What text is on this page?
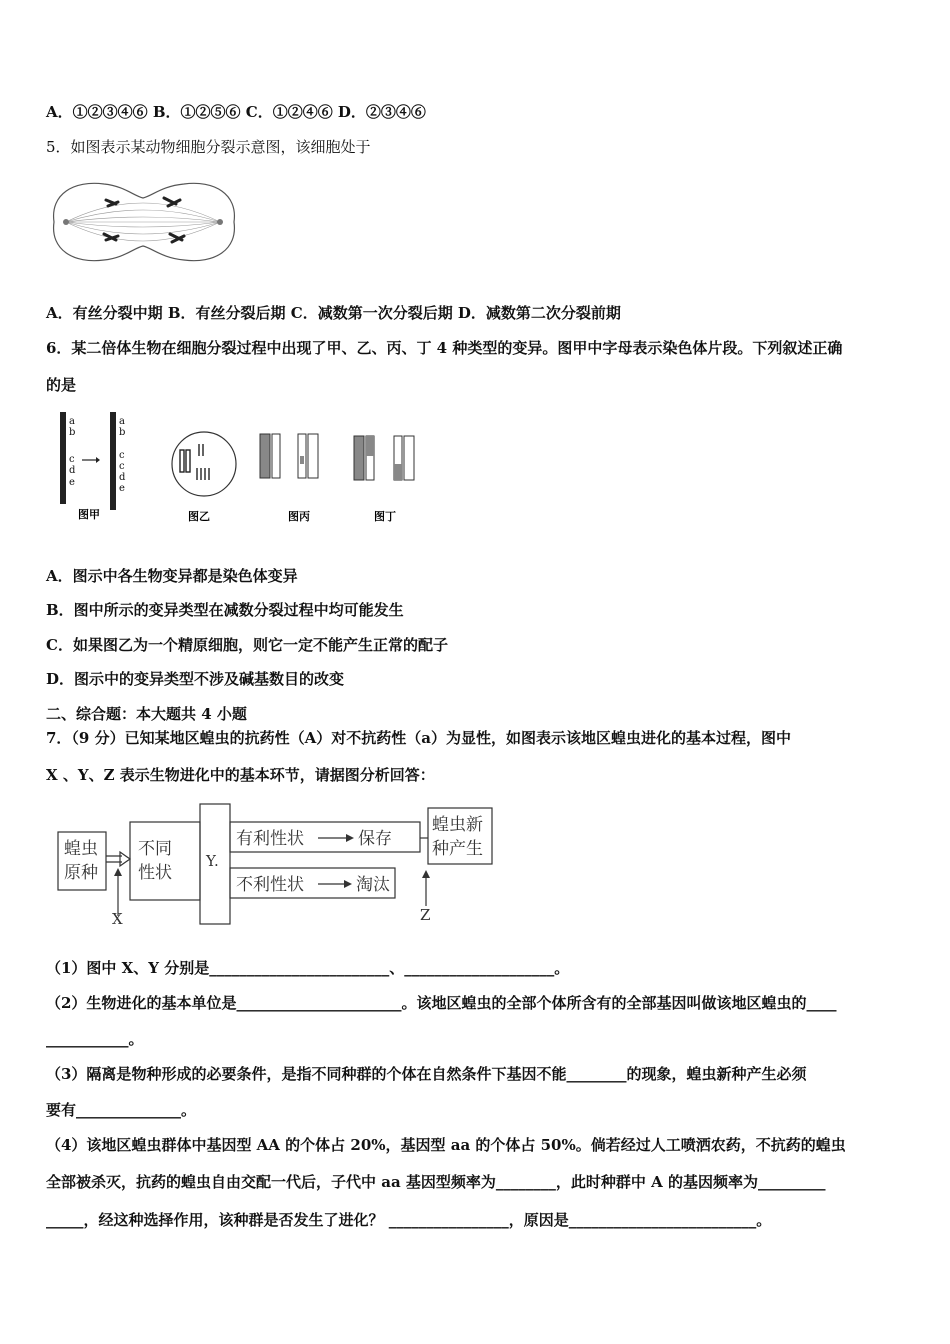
A．①②③④⑥ B．①②⑤⑥ C．①②④⑥ D．②③④⑥
5．如图表示某动物细胞分裂示意图，该细胞处于
A．有丝分裂中期 B．有丝分裂后期 C．减数第一次分裂后期 D．减数第二次分裂前期
6．某二倍体生物在细胞分裂过程中出现了甲、乙、丙、丁 4 种类型的变异。图甲中字母表示染色体片段。下列叙述正确
的是
a
b
c
d
e
a
b
c
c
d
e
图甲	图乙	图丙	图丁
A．图示中各生物变异都是染色体变异
B．图中所示的变异类型在减数分裂过程中均可能发生
C．如果图乙为一个精原细胞，则它一定不能产生正常的配子
D．图示中的变异类型不涉及碱基数目的改变
二、综合题：本大题共 4 小题
7．（9 分）已知某地区蝗虫的抗药性（A）对不抗药性（a）为显性，如图表示该地区蝗虫进化的基本过程，图中
X 、Y、Z 表示生物进化中的基本环节，请据图分析回答：
蝗虫
原种
不同
性状
Y.
有利性状	保存
不利性状	淘汰
蝗虫新
种产生
X	Z
（1）图中 X、Y 分别是________________________、____________________。
（2）生物进化的基本单位是______________________。该地区蝗虫的全部个体所含有的全部基因叫做该地区蝗虫的____
___________。
（3）隔离是物种形成的必要条件，是指不同种群的个体在自然条件下基因不能________的现象，蝗虫新种产生必须
要有______________。
（4）该地区蝗虫群体中基因型 AA 的个体占 20%，基因型 aa 的个体占 50%。倘若经过人工喷洒农药，不抗药的蝗虫
全部被杀灭，抗药的蝗虫自由交配一代后，子代中 aa 基因型频率为________，此时种群中 A 的基因频率为_________
_____，经这种选择作用，该种群是否发生了进化？ ________________，原因是_________________________。
